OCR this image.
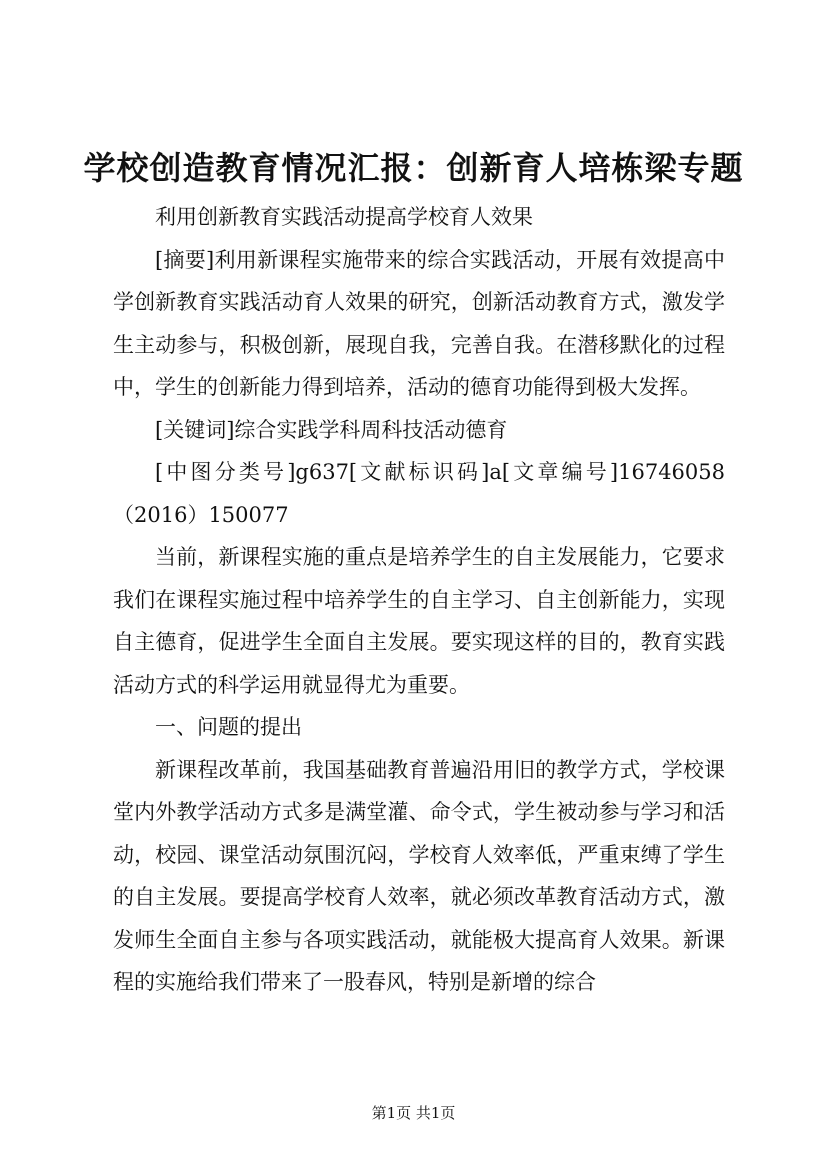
学校创造教育情况汇报：创新育人培栋梁专题

利用创新教育实践活动提高学校育人效果

[摘要]利用新课程实施带来的综合实践活动，开展有效提高中学创新教育实践活动育人效果的研究，创新活动教育方式，激发学生主动参与，积极创新，展现自我，完善自我。在潜移默化的过程中，学生的创新能力得到培养，活动的德育功能得到极大发挥。

[关键词]综合实践学科周科技活动德育

[中图分类号]g637[文献标识码]a[文章编号]16746058（2016）150077

当前，新课程实施的重点是培养学生的自主发展能力，它要求我们在课程实施过程中培养学生的自主学习、自主创新能力，实现自主德育，促进学生全面自主发展。要实现这样的目的，教育实践活动方式的科学运用就显得尤为重要。

一、问题的提出

新课程改革前，我国基础教育普遍沿用旧的教学方式，学校课堂内外教学活动方式多是满堂灌、命令式，学生被动参与学习和活动，校园、课堂活动氛围沉闷，学校育人效率低，严重束缚了学生的自主发展。要提高学校育人效率，就必须改革教育活动方式，激发师生全面自主参与各项实践活动，就能极大提高育人效果。新课程的实施给我们带来了一股春风，特别是新增的综合

第1页 共1页
